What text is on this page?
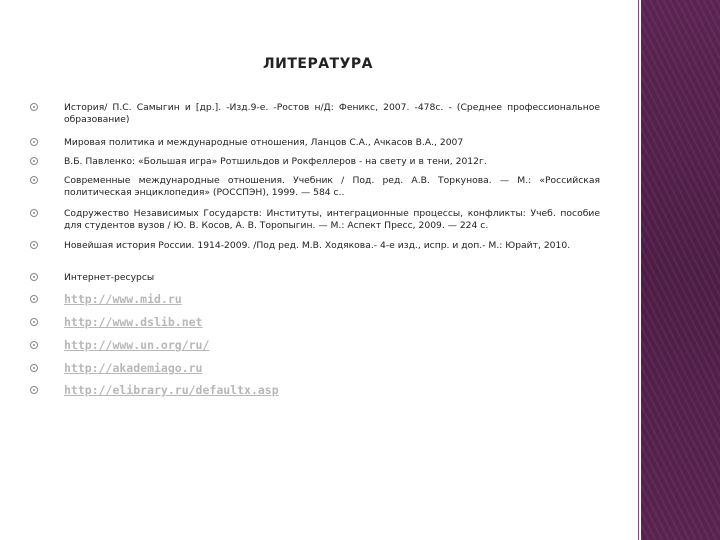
ЛИТЕРАТУРА
История/ П.С. Самыгин и [др.]. -Изд.9-е. -Ростов н/Д: Феникс, 2007. -478с. - (Среднее профессиональное образование)
Мировая политика и международные отношения, Ланцов С.А., Ачкасов В.А., 2007
В.Б. Павленко: «Большая игра» Ротшильдов и Рокфеллеров - на свету и в тени, 2012г.
Современные международные отношения. Учебник / Под. ред. А.В. Торкунова. — М.: «Российская политическая энциклопедия» (РОССПЭН), 1999. — 584 с..
Содружество Независимых Государств: Институты, интеграционные процессы, конфликты: Учеб. пособие для студентов вузов / Ю. В. Косов, А. В. Торопыгин. — М.: Аспект Пресс, 2009. — 224 с.
Новейшая история России. 1914-2009. /Под ред. М.В. Ходякова.- 4-е изд., испр. и доп.- М.: Юрайт, 2010.
Интернет-ресурсы
http://www.mid.ru
http://www.dslib.net
http://www.un.org/ru/
http://akademiago.ru
http://elibrary.ru/defaultx.asp
